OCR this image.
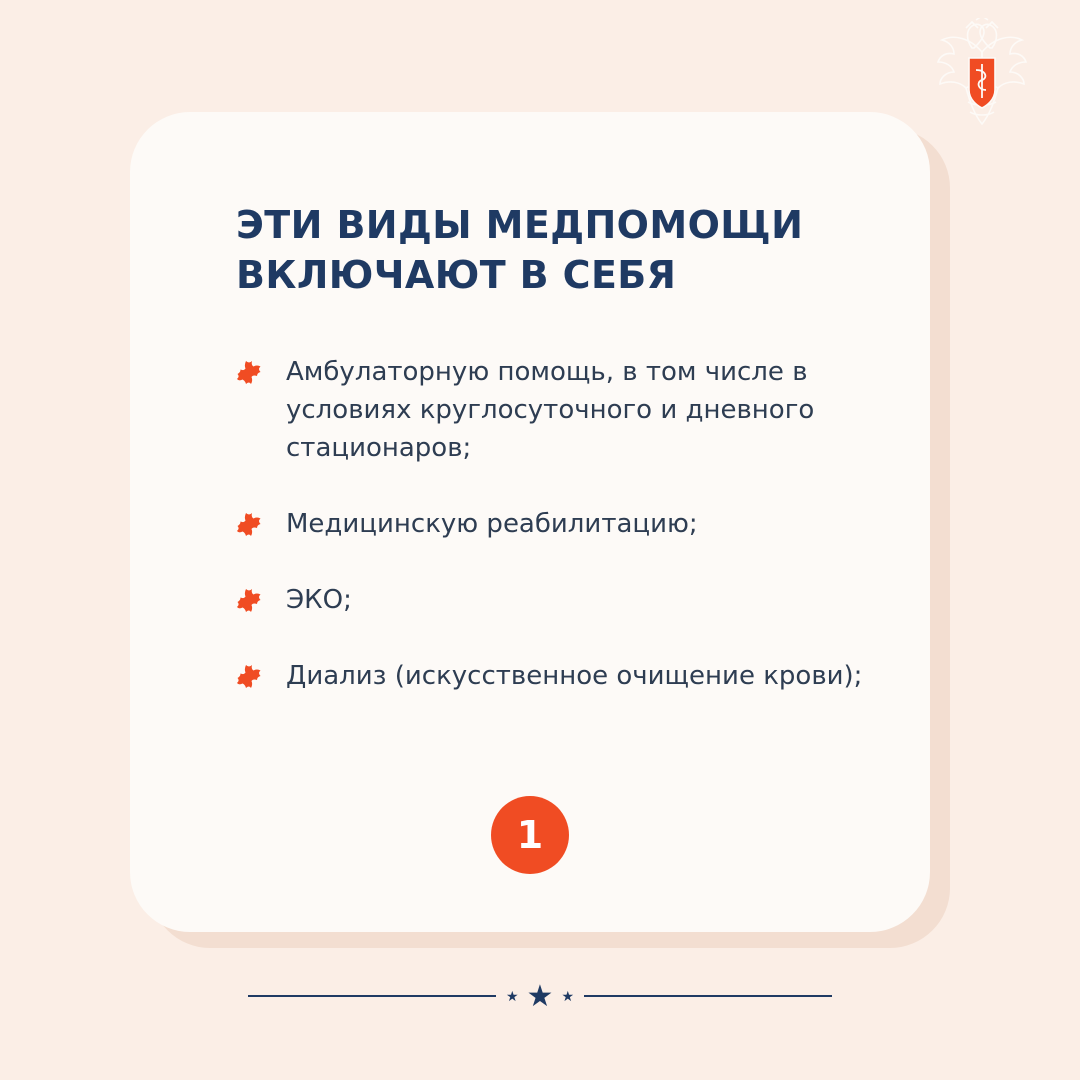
ЭТИ ВИДЫ МЕДПОМОЩИ ВКЛЮЧАЮТ В СЕБЯ
Амбулаторную помощь, в том числе в условиях круглосуточного и дневного стационаров;
Медицинскую реабилитацию;
ЭКО;
Диализ (искусственное очищение крови);
1
★ ★ ★
